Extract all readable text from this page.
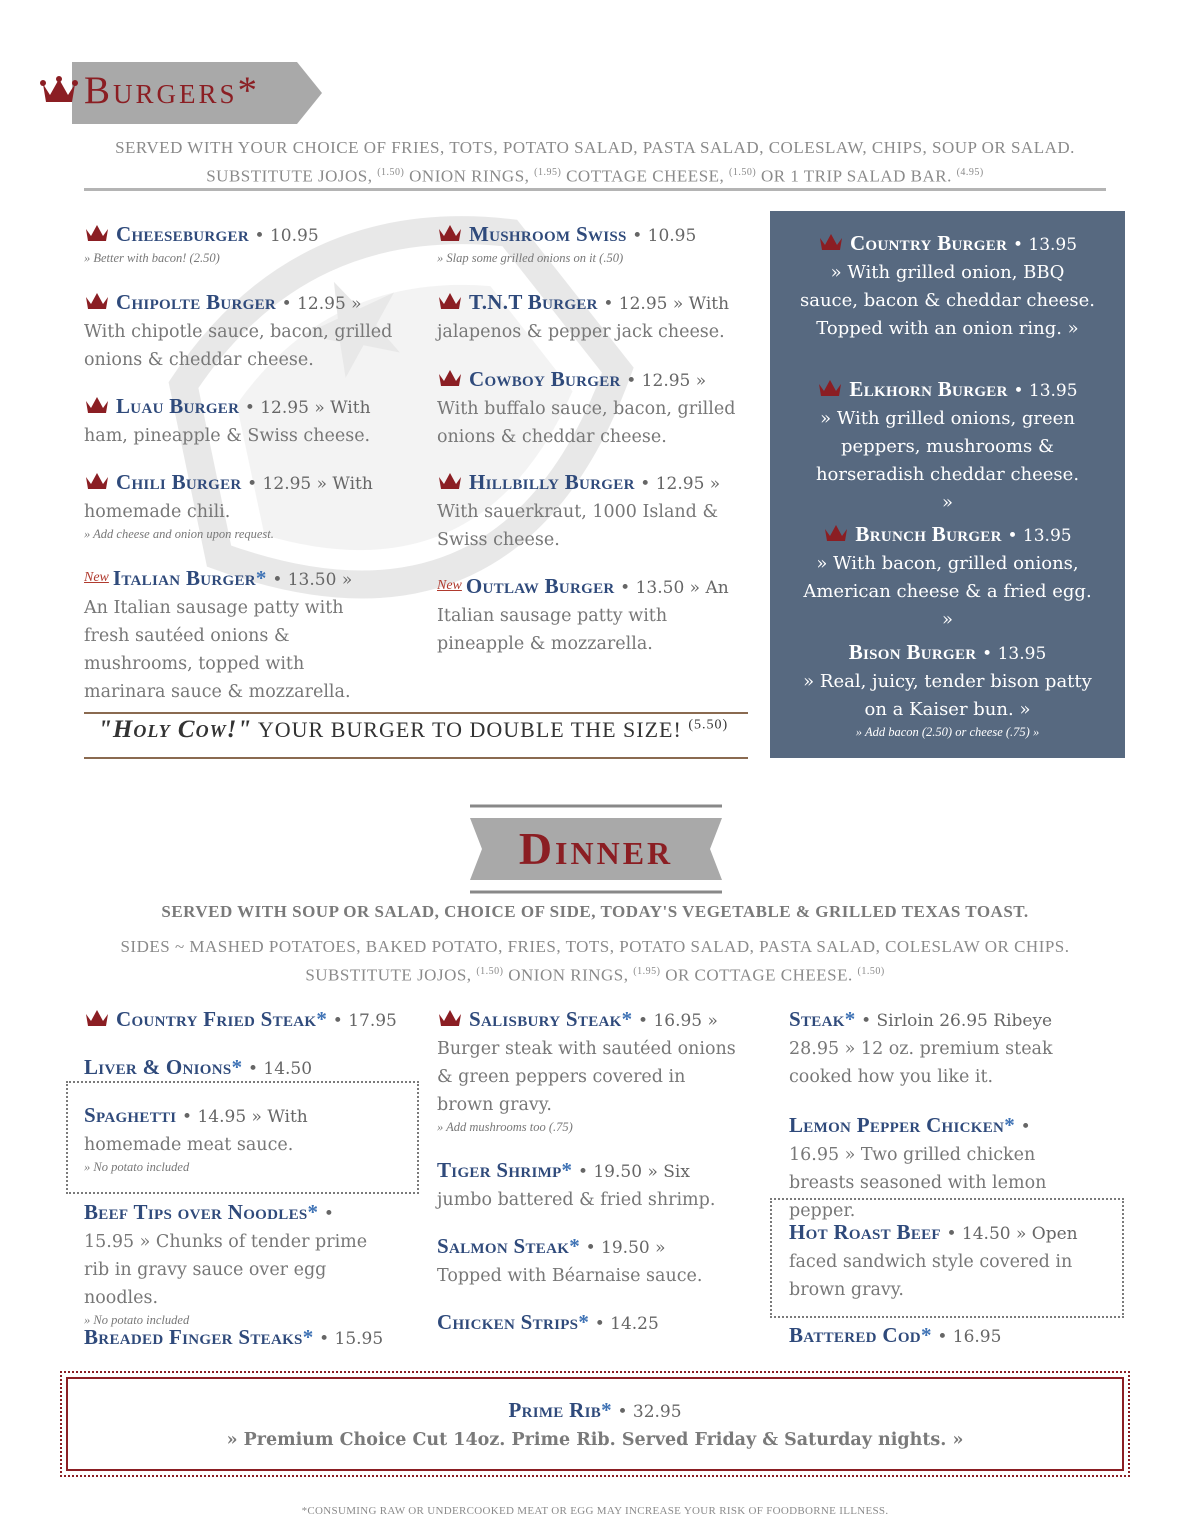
Burgers*
SERVED WITH YOUR CHOICE OF FRIES, TOTS, POTATO SALAD, PASTA SALAD, COLESLAW, CHIPS, SOUP OR SALAD.
SUBSTITUTE JOJOS, $^{(1.50)}$ ONION RINGS, $^{(1.95)}$ COTTAGE CHEESE, $^{(1.50)}$ OR 1 TRIP SALAD BAR. $^{(4.95)}$
Cheeseburger • 10.95
» Better with bacon! (2.50)
Chipolte Burger • 12.95 »
With chipotle sauce, bacon, grilled onions & cheddar cheese.
Luau Burger • 12.95 » With
ham, pineapple & Swiss cheese.
Chili Burger • 12.95 » With
homemade chili.
» Add cheese and onion upon request.
$^{New}$ Italian Burger* • 13.50 »
An Italian sausage patty with fresh sautéed onions & mushrooms, topped with marinara sauce & mozzarella.
Mushroom Swiss • 10.95
» Slap some grilled onions on it (.50)
T.N.T Burger • 12.95 » With
jalapenos & pepper jack cheese.
Cowboy Burger • 12.95 »
With buffalo sauce, bacon, grilled onions & cheddar cheese.
Hillbilly Burger • 12.95 »
With sauerkraut, 1000 Island & Swiss cheese.
$^{New}$ Outlaw Burger • 13.50 » An
Italian sausage patty with pineapple & mozzarella.
Country Burger • 13.95
» With grilled onion, BBQ sauce, bacon & cheddar cheese. Topped with an onion ring. »
Elkhorn Burger • 13.95
» With grilled onions, green peppers, mushrooms & horseradish cheddar cheese. »
Brunch Burger • 13.95
» With bacon, grilled onions, American cheese & a fried egg. »
Bison Burger • 13.95
» Real, juicy, tender bison patty on a Kaiser bun. »
» Add bacon (2.50) or cheese (.75) »
"Holy Cow!" YOUR BURGER TO DOUBLE THE SIZE! $^{(5.50)}$
Dinner
SERVED WITH SOUP OR SALAD, CHOICE OF SIDE, TODAY'S VEGETABLE & GRILLED TEXAS TOAST.
SIDES ~ MASHED POTATOES, BAKED POTATO, FRIES, TOTS, POTATO SALAD, PASTA SALAD, COLESLAW OR CHIPS.
SUBSTITUTE JOJOS, $^{(1.50)}$ ONION RINGS, $^{(1.95)}$ OR COTTAGE CHEESE. $^{(1.50)}$
Country Fried Steak* • 17.95
Liver & Onions* • 14.50
Spaghetti • 14.95 » With
homemade meat sauce.
» No potato included
Beef Tips over Noodles* •
15.95 » Chunks of tender prime rib in gravy sauce over egg noodles.
» No potato included
Breaded Finger Steaks* • 15.95
Salisbury Steak* • 16.95 »
Burger steak with sautéed onions & green peppers covered in brown gravy.
» Add mushrooms too (.75)
Tiger Shrimp* • 19.50 » Six
jumbo battered & fried shrimp.
Salmon Steak* • 19.50 »
Topped with Béarnaise sauce.
Chicken Strips* • 14.25
Steak* • Sirloin 26.95 Ribeye
28.95 » 12 oz. premium steak cooked how you like it.
Lemon Pepper Chicken* •
16.95 » Two grilled chicken breasts seasoned with lemon pepper.
Hot Roast Beef • 14.50 » Open
faced sandwich style covered in brown gravy.
Battered Cod* • 16.95
Prime Rib* • 32.95
» Premium Choice Cut 14oz. Prime Rib. Served Friday & Saturday nights. »
*CONSUMING RAW OR UNDERCOOKED MEAT OR EGG MAY INCREASE YOUR RISK OF FOODBORNE ILLNESS.
